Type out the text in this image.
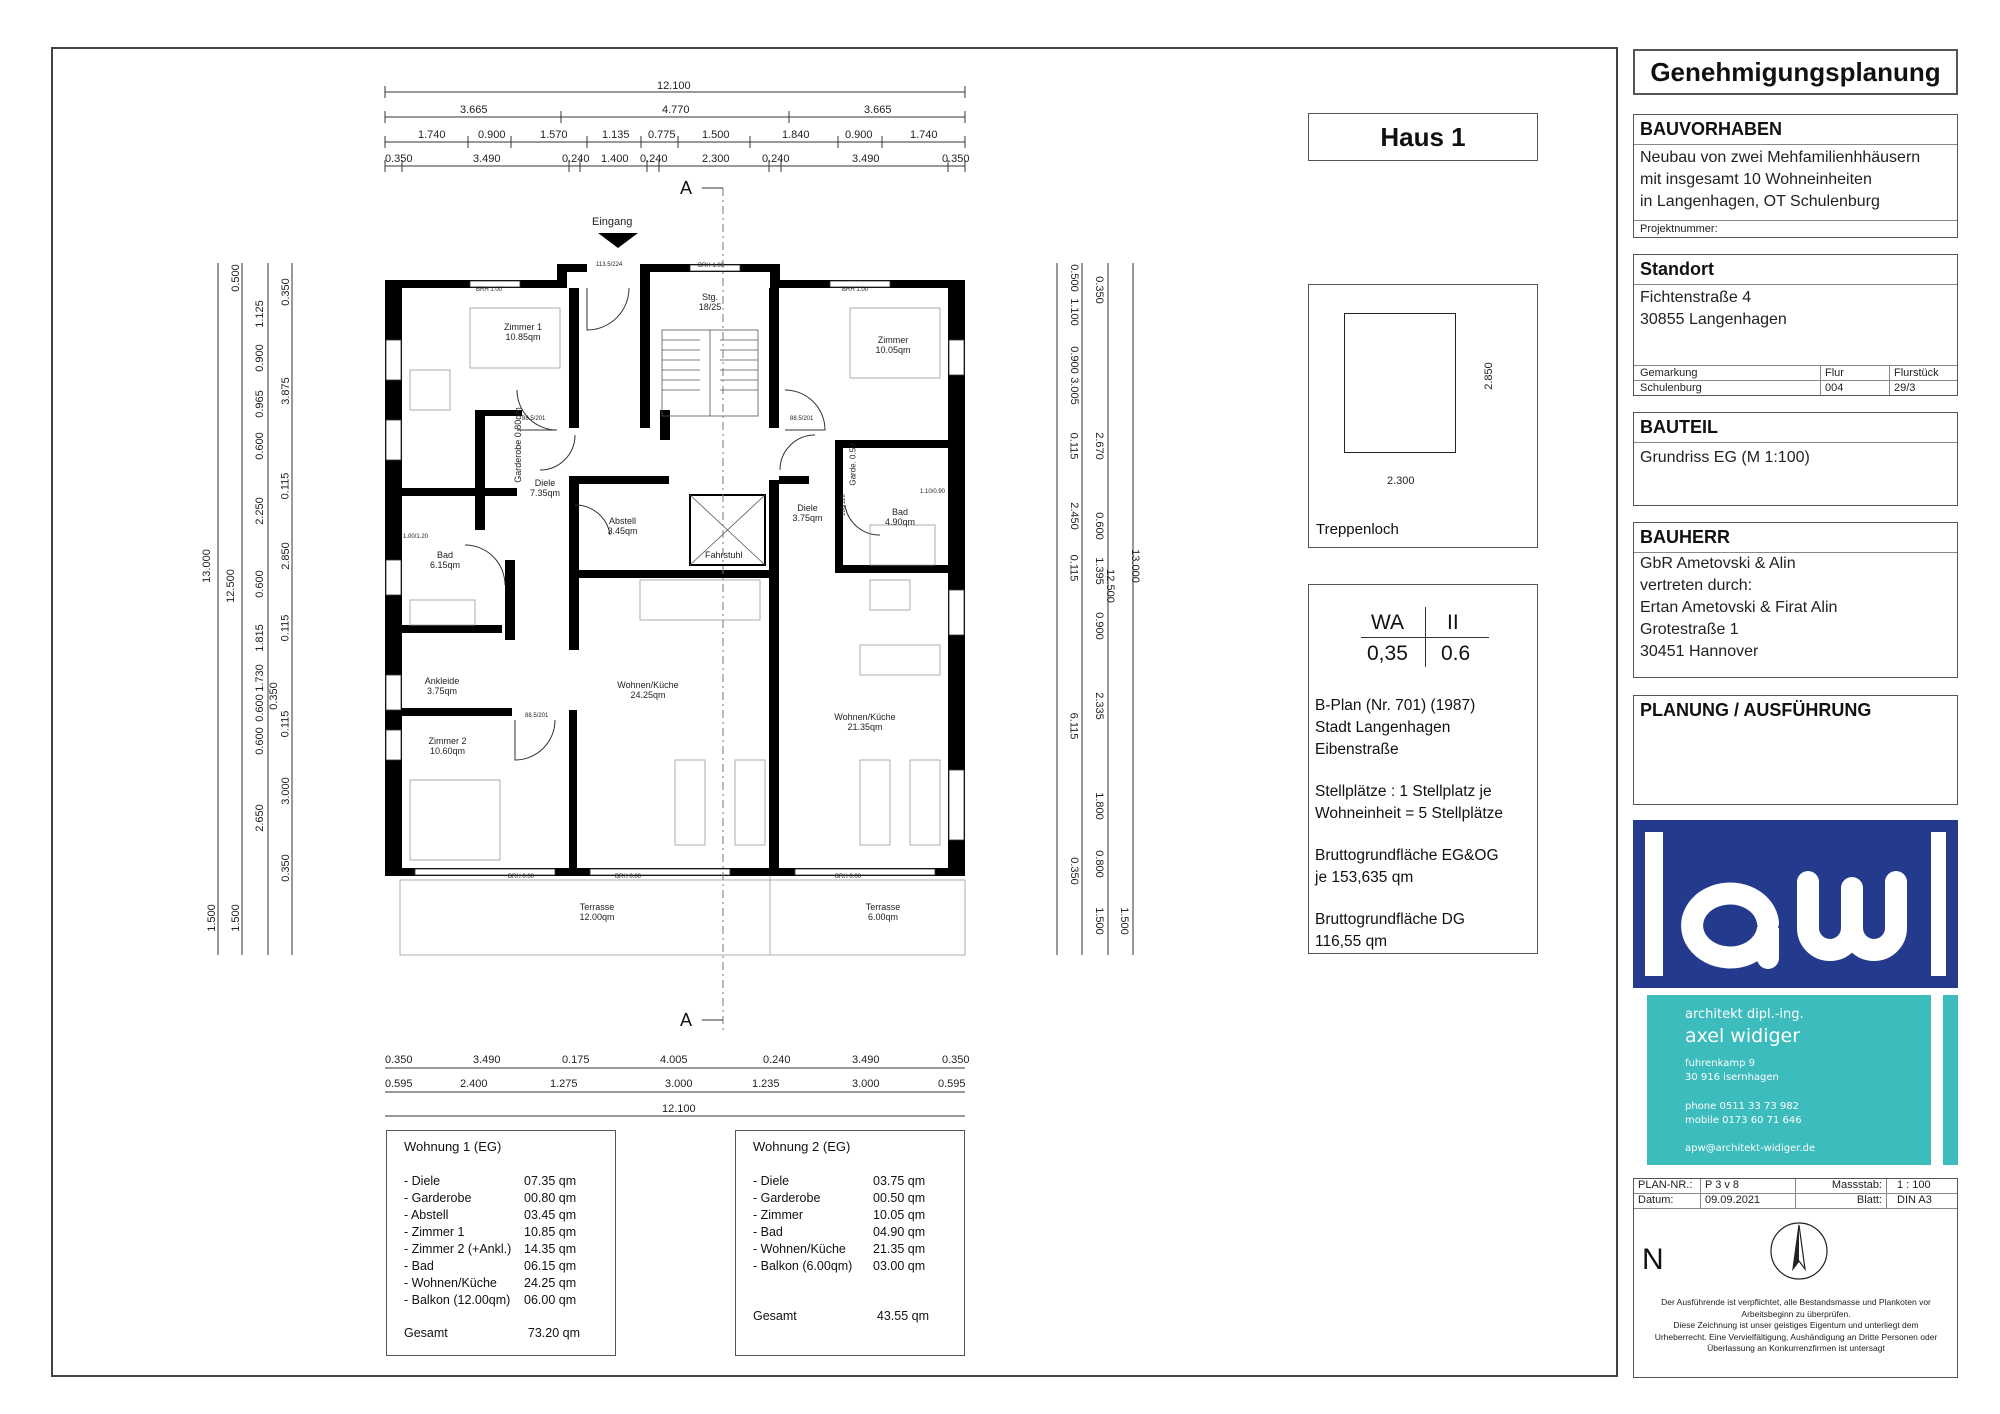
12.100
3.665	4.770	3.665
1.740	0.900	1.570	1.135 0.775 1.500	1.840	0.900	1.740
0.350	3.490	0.240 1.400 0.240	2.300	0.240	3.490	0.350
0.350	3.490	0.175	4.005	0.240	3.490	0.350
0.595	2.400	1.275	3.000	1.235	3.000	0.595
12.100
13.000
12.500
13.000
12.500
0.500
1.125
0.900
0.965
0.600
2.250
0.600
1.815
1.730
0.600
0.600
2.650
1.500
0.350
3.875
0.115
2.850
0.115
0.350
0.115
3.000
0.350
1.500
0.500
1.100
0.900
3.005
0.115
2.450
0.115
6.115
0.350
1.500
0.350
2.670
0.600
1.395
0.900
2.335
1.800
0.800
1.500
A
A
Eingang
BRH 1.00
BRH 1.00
BRH 1.00
113.5/224
88.5/201	88.5/201
88.5/201
BRH 0.00
BRH 0.00	BRH 0.00
1.10/0.90
1.00/1.20
100/120
Zimmer 1
10.85qm
Stg.
18/25
Zimmer
10.05qm
Garderobe 0.80qm
Diele
7.35qm
Abstell
3.45qm
Fahrstuhl
Diele
3.75qm
Garde. 0.50
Bad
4.90qm
Bad
6.15qm
Ankleide
3.75qm
Wohnen/Küche
24.25qm
Wohnen/Küche
21.35qm
Zimmer 2
10.60qm
Terrasse
12.00qm
Terrasse
6.00qm
Haus 1
2.850
2.300
Treppenloch
WA II
0,35 0.6
B-Plan (Nr. 701) (1987)
Stadt Langenhagen
Eibenstraße
Stellplätze : 1 Stellplatz je
Wohneinheit = 5 Stellplätze
Bruttogrundfläche EG&OG
je 153,635 qm
Bruttogrundfläche DG
116,55 qm
Wohnung 1 (EG)
- Diele	07.35 qm
- Garderobe	00.80 qm
- Abstell	03.45 qm
- Zimmer 1	10.85 qm
- Zimmer 2 (+Ankl.)	14.35 qm
- Bad	06.15 qm
- Wohnen/Küche	24.25 qm
- Balkon (12.00qm)	06.00 qm
Gesamt	73.20 qm
Wohnung 2 (EG)
- Diele	03.75 qm
- Garderobe	00.50 qm
- Zimmer	10.05 qm
- Bad	04.90 qm
- Wohnen/Küche	21.35 qm
- Balkon (6.00qm)	03.00 qm
Gesamt	43.55 qm
Genehmigungsplanung
BAUVORHABEN
Neubau von zwei Mehfamilienhhäusern
mit insgesamt 10 Wohneinheiten
in Langenhagen, OT Schulenburg
Projektnummer:
Standort
Fichtenstraße 4
30855 Langenhagen
Gemarkung	Flur	Flurstück
Schulenburg	004	29/3
BAUTEIL
Grundriss EG (M 1:100)
BAUHERR
GbR Ametovski & Alin
vertreten durch:
Ertan Ametovski & Firat Alin
Grotestraße 1
30451 Hannover
PLANUNG / AUSFÜHRUNG
architekt dipl.-ing.
axel widiger
fuhrenkamp 9
30 916 isernhagen
phone 0511 33 73 982
mobile 0173 60 71 646
apw@architekt-widiger.de
PLAN-NR.:	P 3 v 8	Massstab:	1 : 100
Datum:	09.09.2021	Blatt:	DIN A3
N
Der Ausführende ist verpflichtet, alle Bestandsmasse und Plankoten vor
Arbeitsbeginn zu überprüfen.
Diese Zeichnung ist unser geistiges Eigentum und unterliegt dem
Urheberrecht. Eine Vervielfältigung, Aushändigung an Dritte Personen oder
Überlassung an Konkurrenzfirmen ist untersagt
